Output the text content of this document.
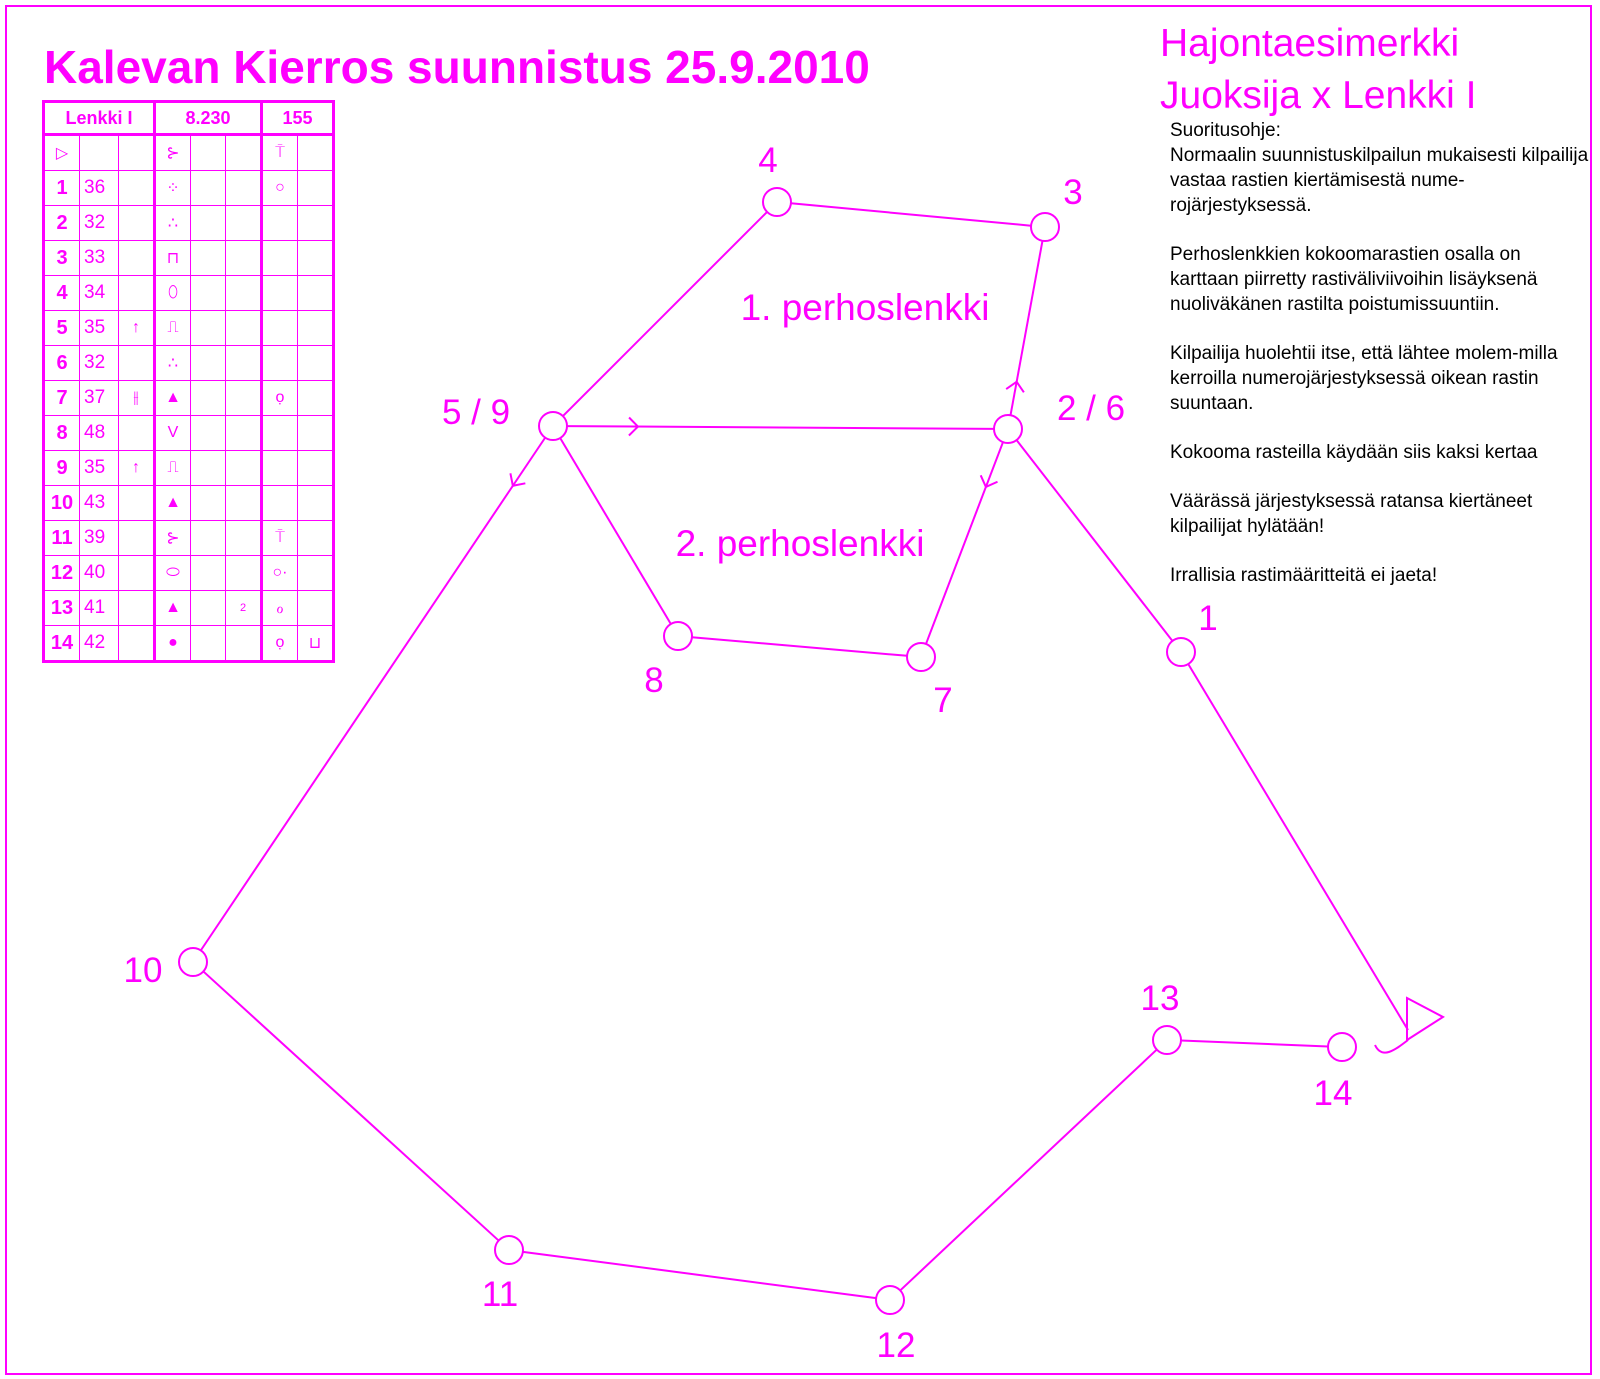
Kalevan Kierros suunnistus 25.9.2010	Hajontaesimerkki
Juoksija x Lenkki I

Suoritusohje:

Normaalin suunnistuskilpailun mukaisesti kilpailija vastaa rastien kiertämisestä nume-rojärjestyksessä.

Perhoslenkkien kokoomarastien osalla on karttaan piirretty rastiväliviivoihin lisäyksenä nuoliväkänen rastilta poistumissuuntiin.

Kilpailija huolehtii itse, että lähtee molem-milla kerroilla numerojärjestyksessä oikean rastin suuntaan.

Kokooma rasteilla käydään siis kaksi kertaa

Väärässä järjestyksessä ratansa kiertäneet kilpailijat hylätään!

Irrallisia rastimääritteitä ei jaeta!

Lenkki I			8.230			155	
▷			⊱			⍑	
1	36		⁘			○	
2	32		∴				
3	33		⊓				
4	34		⬯				
5	35	↑	⎍				
6	32		∴				
7	37	⫲	▲			ọ	
8	48		V				
9	35	↑	⎍				
10	43		▲				
11	39		⊱			⍑	
12	40		⬭			○·	
13	41		▲		2	ℴ	
14	42		●			ọ	⊔
4
3
5 / 9	2 / 6
8
7
1
10
13
14
11
12
1. perhoslenkki
2. perhoslenkki
